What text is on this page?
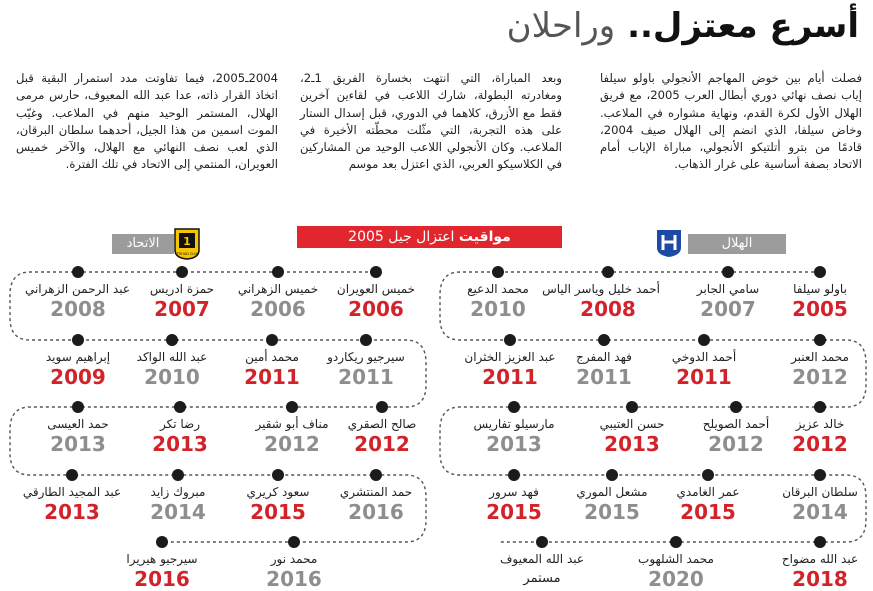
أسرع معتزل.. وراحلان
فصلت أيام بين خوض المهاجم الأنجولي باولو سيلفا إياب نصف نهائي دوري أبطال العرب 2005، مع فريق الهلال الأول لكرة القدم، ونهاية مشواره في الملاعب. وخاض سيلفا، الذي انضم إلى الهلال صيف 2004، قادمًا من بترو أتلتيكو الأنجولي، مباراة الإياب أمام الاتحاد بصفة أساسية على غرار الذهاب.
وبعد المباراة، التي انتهت بخسارة الفريق 1ـ2، ومغادرته البطولة، شارك اللاعب في لقاءين آخرين فقط مع الأزرق، كلاهما في الدوري، قبل إسدال الستار على هذه التجربة، التي مثّلت محطّته الأخيرة في الملاعب. وكان الأنجولي اللاعب الوحيد من المشاركين في الكلاسيكو العربي، الذي اعتزل بعد موسم
2004ـ2005، فيما تفاوتت مدد استمرار البقية قبل اتخاذ القرار ذاته، عدا عبد الله المعيوف، حارس مرمى الهلال، المستمر الوحيد منهم في الملاعب. وغيّب الموت اسمين من هذا الجيل، أحدهما سلطان البرقان، الذي لعب نصف النهائي مع الهلال، والآخر خميس العويران، المنتمي إلى الاتحاد في تلك الفترة.
الهلال
الاتحاد	مواقيت اعتزال جيل 2005
1
ITTIHAD CLUB
باولو سيلفا
2005
سامي الجابر
2007
أحمد خليل وياسر الياس
2008
محمد الدعيع
2010
محمد العنبر
2012
أحمد الدوخي
2011
فهد المفرج
2011
عبد العزيز الخثران
2011
خالد عزيز
2012
أحمد الصويلح
2012
حسن العتيبي
2013
مارسيلو تفاريس
2013
سلطان البرقان
2014
عمر الغامدي
2015
مشعل الموري
2015
فهد سرور
2015
عبد الله مضواح
2018
محمد الشلهوب
2020
عبد الله المعيوف
مستمر
خميس العويران
2006
خميس الزهراني
2006
حمزة ادريس
2007
عبد الرحمن الزهراني
2008
سيرجيو ريكاردو
2011
محمد أمين
2011
عبد الله الواكد
2010
إبراهيم سويد
2009
صالح الصقري
2012
مناف أبو شقير
2012
رضا تكر
2013
حمد العيسى
2013
حمد المنتشري
2016
سعود كريري
2015
مبروك زايد
2014
عبد المجيد الطارقي
2013
محمد نور
2016
سيرجيو هيريرا
2016
